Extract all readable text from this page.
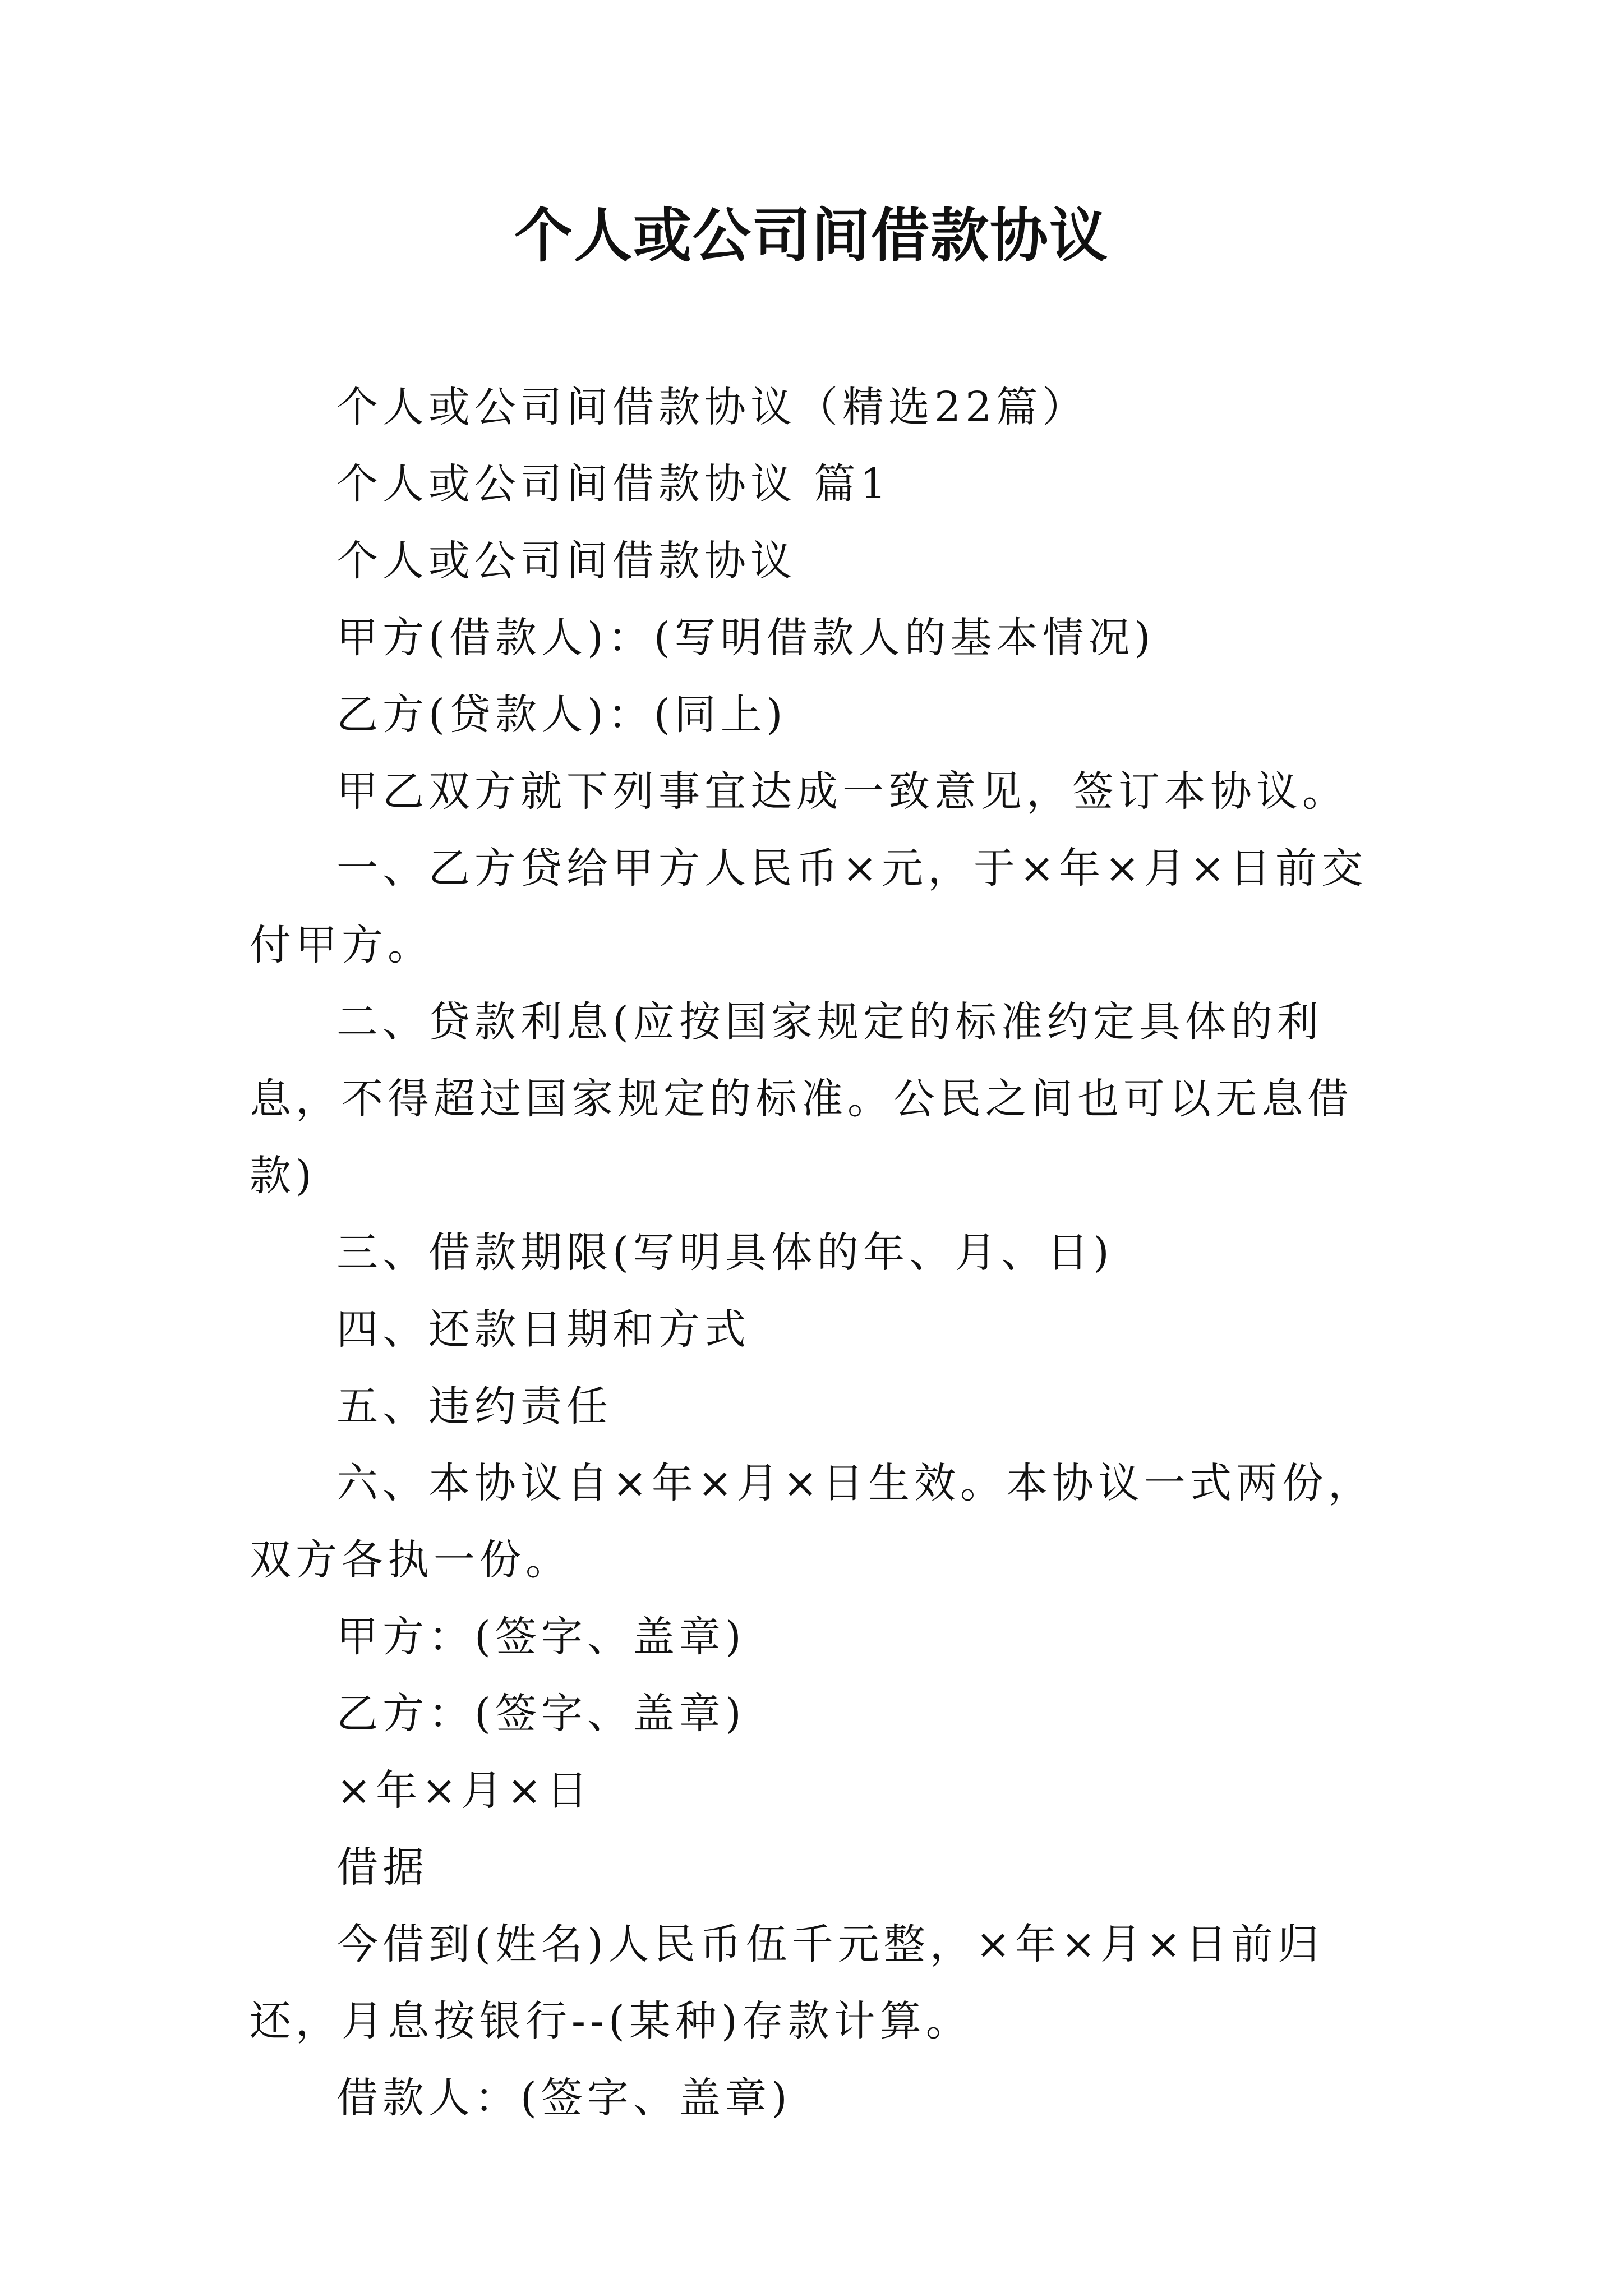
个人或公司间借款协议

个人或公司间借款协议（精选22篇）

个人或公司间借款协议 篇1

个人或公司间借款协议

甲方(借款人)：(写明借款人的基本情况)

乙方(贷款人)：(同上)

甲乙双方就下列事宜达成一致意见，签订本协议。

一、乙方贷给甲方人民币×元，于×年×月×日前交付甲方。

二、贷款利息(应按国家规定的标准约定具体的利息，不得超过国家规定的标准。公民之间也可以无息借款)

三、借款期限(写明具体的年、月、日)

四、还款日期和方式

五、违约责任

六、本协议自×年×月×日生效。本协议一式两份，双方各执一份。

甲方：(签字、盖章)

乙方：(签字、盖章)

×年×月×日

借据

今借到(姓名)人民币伍千元整，×年×月×日前归还，月息按银行--(某种)存款计算。

借款人：(签字、盖章)
